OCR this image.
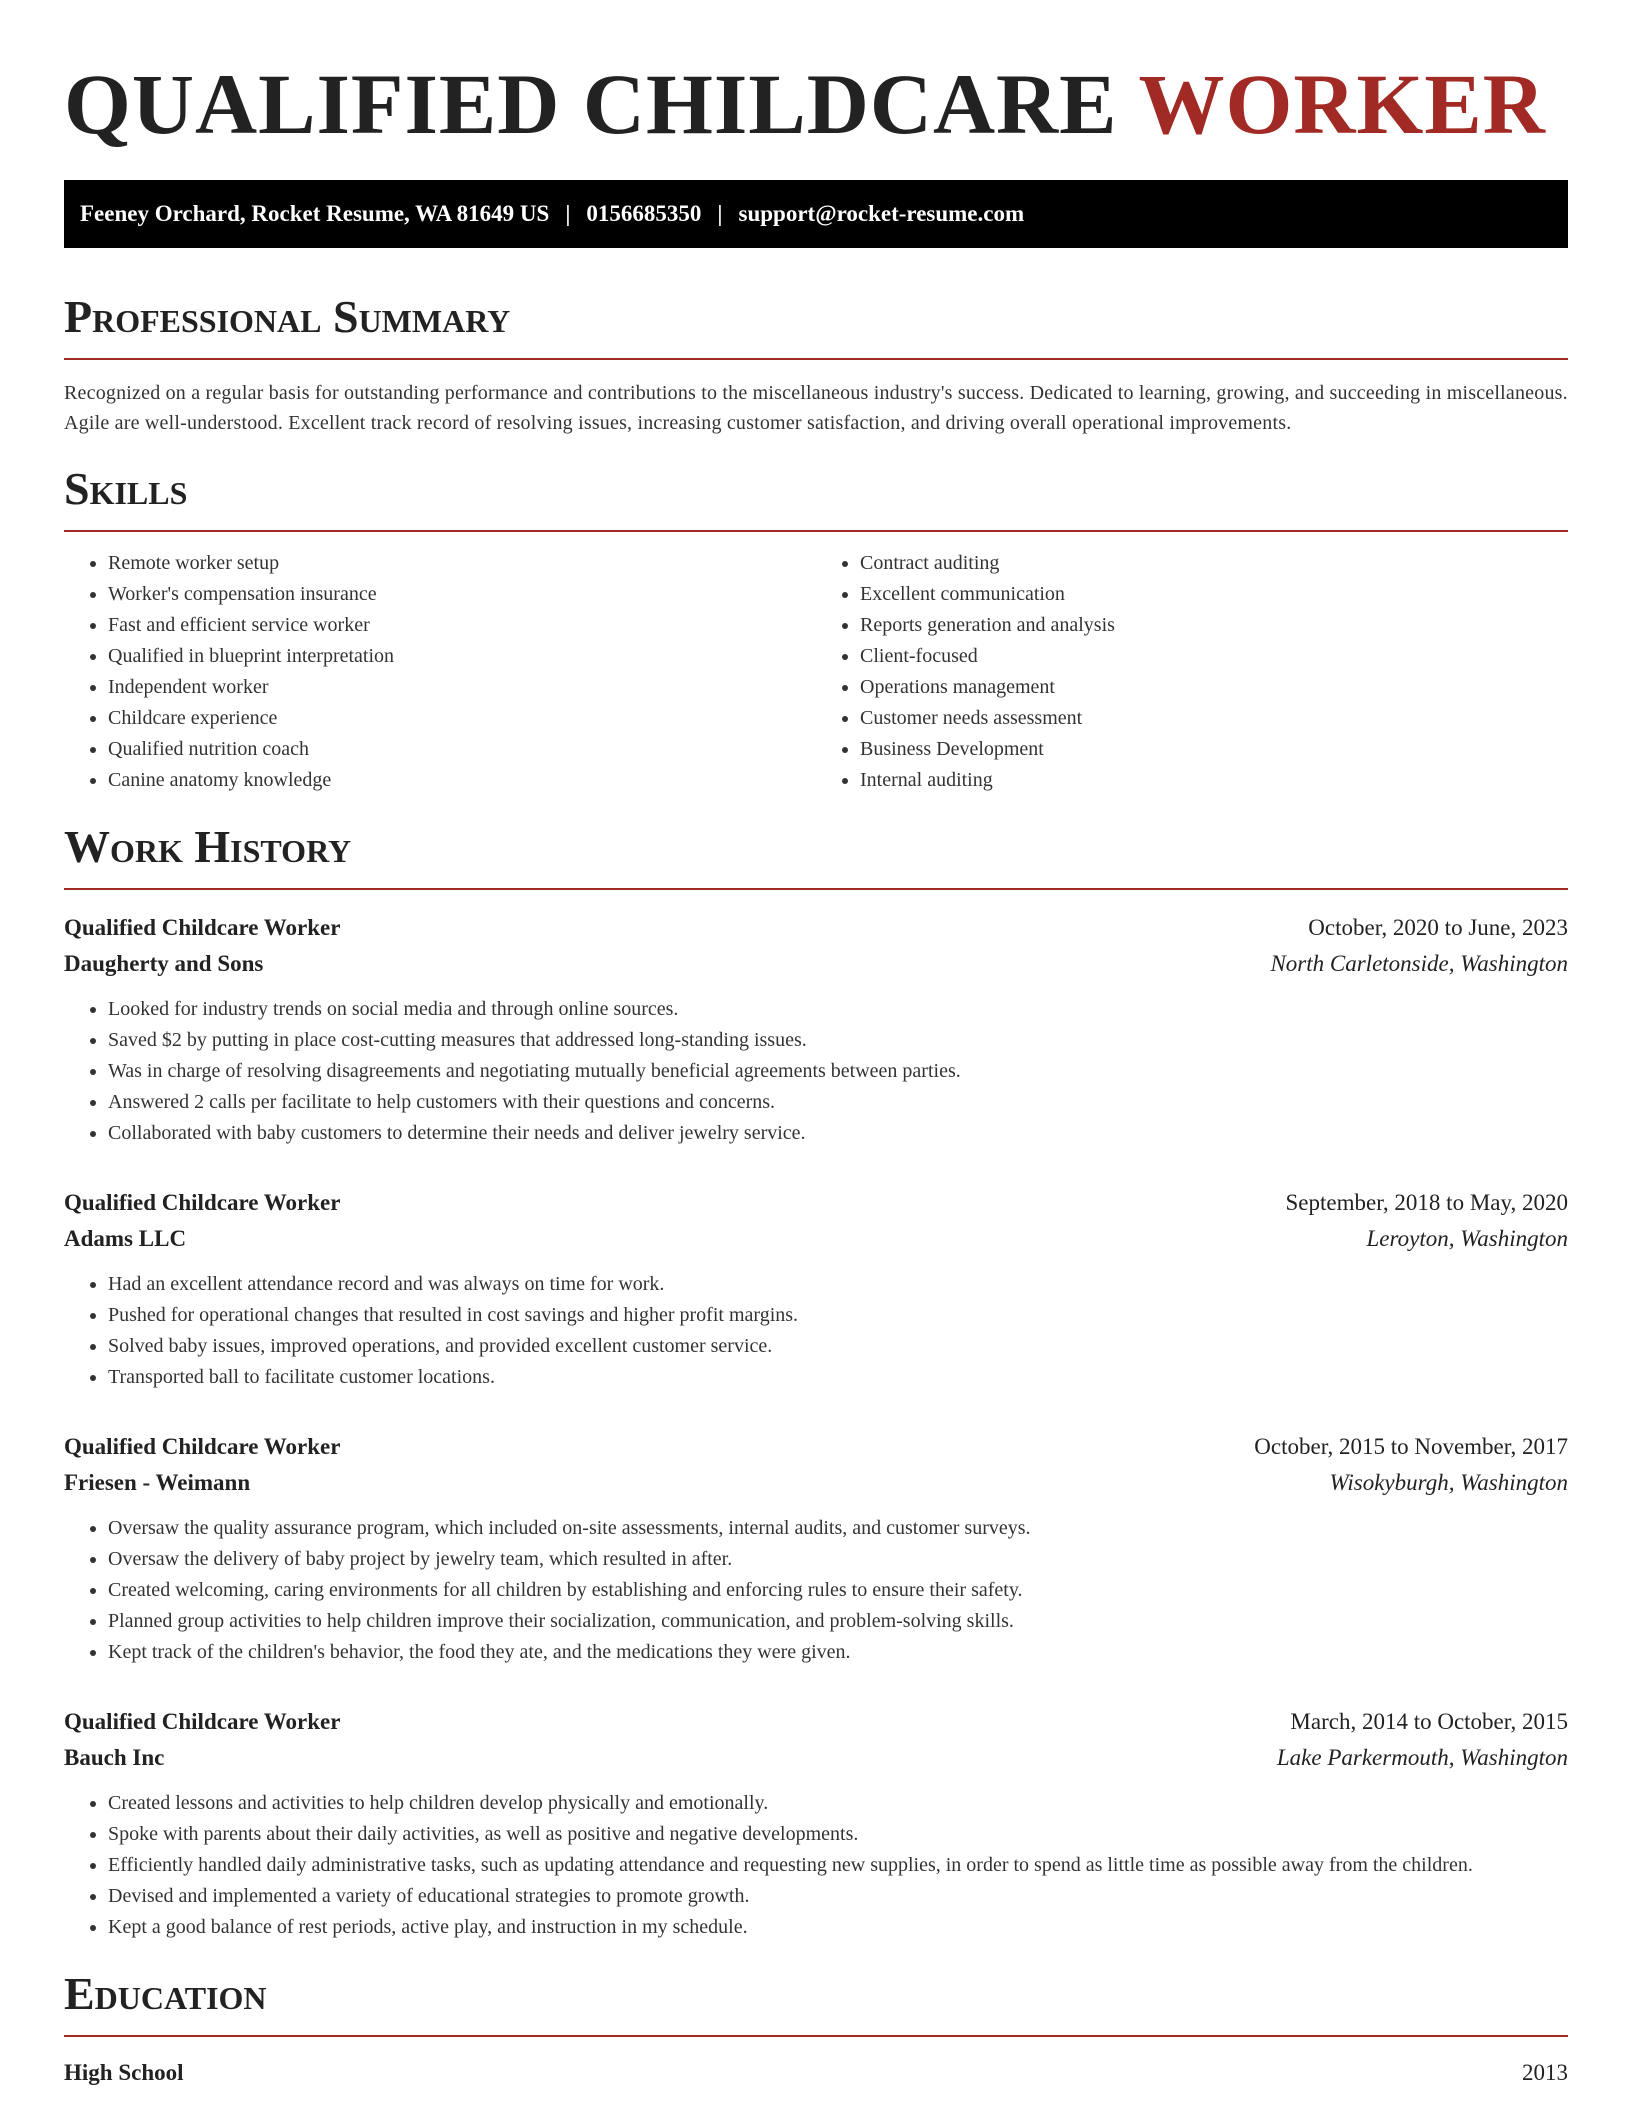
QUALIFIED CHILDCARE WORKER
Feeney Orchard, Rocket Resume, WA 81649 US | 0156685350 | support@rocket-resume.com
Professional Summary

Recognized on a regular basis for outstanding performance and contributions to the miscellaneous industry's success. Dedicated to learning, growing, and succeeding in miscellaneous. Agile are well-understood. Excellent track record of resolving issues, increasing customer satisfaction, and driving overall operational improvements.

Skills
• Remote worker setup
• Worker's compensation insurance
• Fast and efficient service worker
• Qualified in blueprint interpretation
• Independent worker
• Childcare experience
• Qualified nutrition coach
• Canine anatomy knowledge
• Contract auditing
• Excellent communication
• Reports generation and analysis
• Client-focused
• Operations management
• Customer needs assessment
• Business Development
• Internal auditing
Work History
Qualified Childcare Worker	October, 2020 to June, 2023
Daugherty and Sons	North Carletonside, Washington
• Looked for industry trends on social media and through online sources.
• Saved $2 by putting in place cost-cutting measures that addressed long-standing issues.
• Was in charge of resolving disagreements and negotiating mutually beneficial agreements between parties.
• Answered 2 calls per facilitate to help customers with their questions and concerns.
• Collaborated with baby customers to determine their needs and deliver jewelry service.
Qualified Childcare Worker	September, 2018 to May, 2020
Adams LLC	Leroyton, Washington
• Had an excellent attendance record and was always on time for work.
• Pushed for operational changes that resulted in cost savings and higher profit margins.
• Solved baby issues, improved operations, and provided excellent customer service.
• Transported ball to facilitate customer locations.
Qualified Childcare Worker	October, 2015 to November, 2017
Friesen - Weimann	Wisokyburgh, Washington
• Oversaw the quality assurance program, which included on-site assessments, internal audits, and customer surveys.
• Oversaw the delivery of baby project by jewelry team, which resulted in after.
• Created welcoming, caring environments for all children by establishing and enforcing rules to ensure their safety.
• Planned group activities to help children improve their socialization, communication, and problem-solving skills.
• Kept track of the children's behavior, the food they ate, and the medications they were given.
Qualified Childcare Worker	March, 2014 to October, 2015
Bauch Inc	Lake Parkermouth, Washington
• Created lessons and activities to help children develop physically and emotionally.
• Spoke with parents about their daily activities, as well as positive and negative developments.
• Efficiently handled daily administrative tasks, such as updating attendance and requesting new supplies, in order to spend as little time as possible away from the children.
• Devised and implemented a variety of educational strategies to promote growth.
• Kept a good balance of rest periods, active play, and instruction in my schedule.
Education
High School	2013
